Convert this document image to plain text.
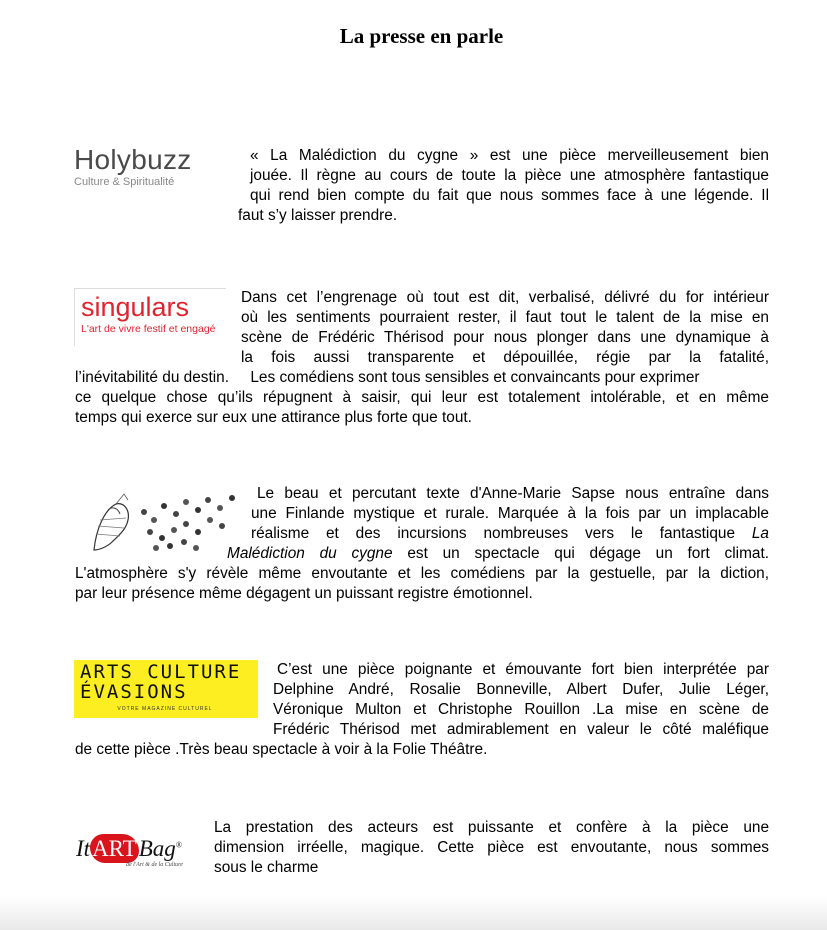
La presse en parle
Holybuzz
Culture & Spiritualité
« La Malédiction du cygne » est une pièce merveilleusement bien
jouée. Il règne au cours de toute la pièce une atmosphère fantastique
qui rend bien compte du fait que nous sommes face à une légende. Il
faut s’y laisser prendre.
singulars
L'art de vivre festif et engagé
Dans cet l’engrenage où tout est dit, verbalisé, délivré du for intérieur
où les sentiments pourraient rester, il faut tout le talent de la mise en
scène de Frédéric Thérisod pour nous plonger dans une dynamique à
la fois aussi transparente et dépouillée, régie par la fatalité,
l’inévitabilité du destin.     Les comédiens sont tous sensibles et convaincants pour exprimer
ce quelque chose qu’ils répugnent à saisir, qui leur est totalement intolérable, et en même
temps qui exerce sur eux une attirance plus forte que tout.
Le beau et percutant texte d'Anne-Marie Sapse nous entraîne dans
une Finlande mystique et rurale. Marquée à la fois par un implacable
réalisme et des incursions nombreuses vers le fantastique La
Malédiction du cygne est un spectacle qui dégage un fort climat.
L'atmosphère s'y révèle même envoutante et les comédiens par la gestuelle, par la diction,
par leur présence même dégagent un puissant registre émotionnel.
ARTS CULTURE
ÉVASIONS
VOTRE MAGAZINE CULTUREL
C’est une pièce poignante et émouvante fort bien interprétée par
Delphine André, Rosalie Bonneville, Albert Dufer, Julie Léger,
Véronique Multon et Christophe Rouillon .La mise en scène de
Frédéric Thérisod met admirablement en valeur le côté maléfique
de cette pièce .Très beau spectacle à voir à la Folie Théâtre.
ItARTBag®
de l'Art & de la Culture
La prestation des acteurs est puissante et confère à la pièce une
dimension irréelle, magique. Cette pièce est envoutante, nous sommes
sous le charme
